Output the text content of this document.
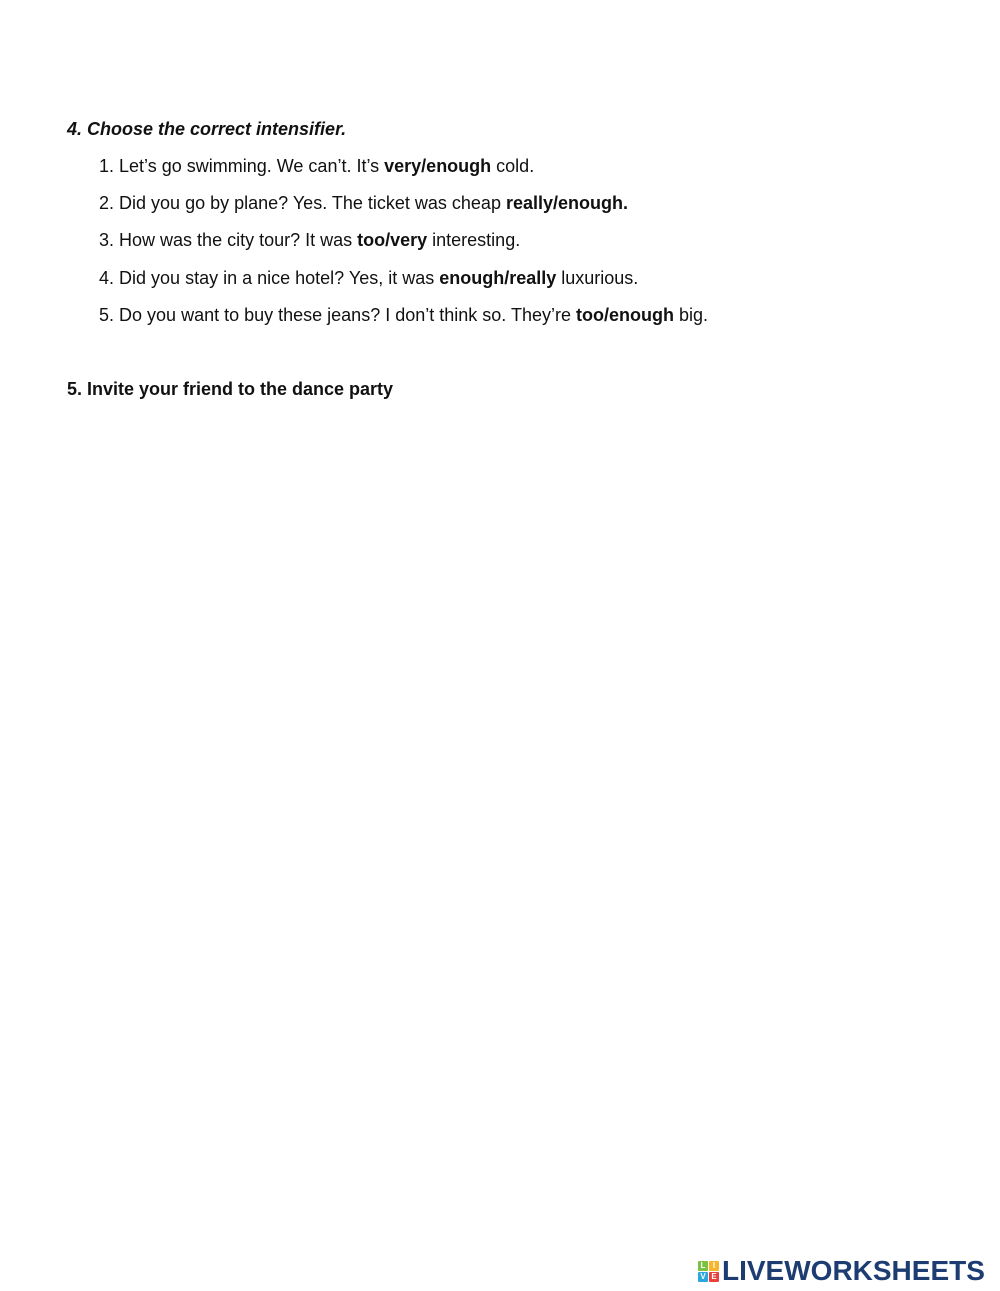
4. Choose the correct intensifier.

1. Let’s go swimming. We can’t. It’s very/enough cold.

2. Did you go by plane? Yes. The ticket was cheap really/enough.

3. How was the city tour? It was too/very interesting.

4. Did you stay in a nice hotel? Yes, it was enough/really luxurious.

5. Do you want to buy these jeans? I don’t think so. They’re too/enough big.

5. Invite your friend to the dance party
L I
V E LIVEWORKSHEETS
